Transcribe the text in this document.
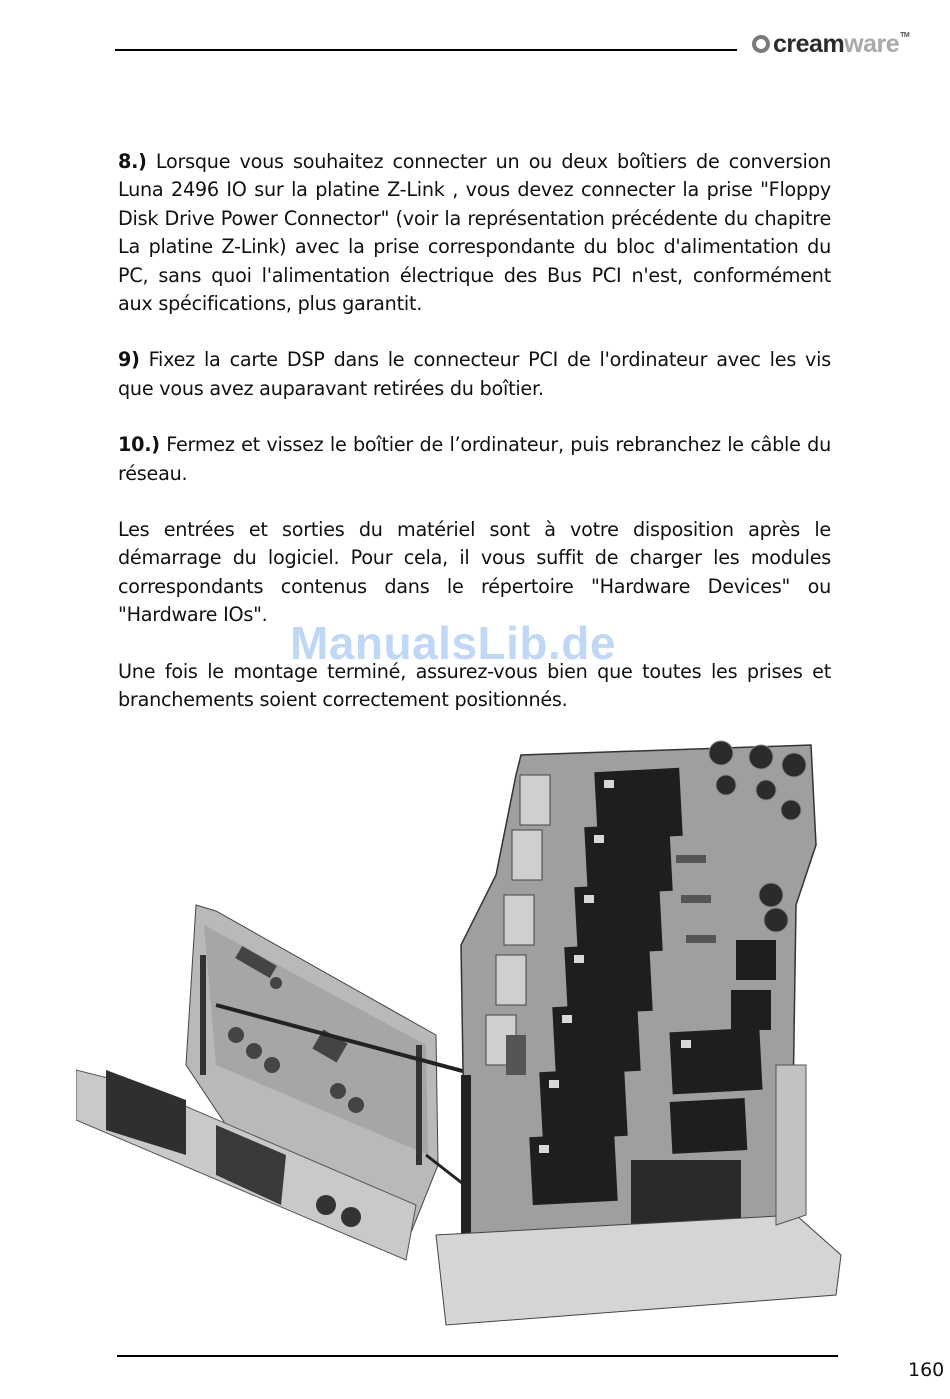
cream ware TM

8.) Lorsque vous souhaitez connecter un ou deux boîtiers de conversion Luna 2496 IO sur la platine Z-Link , vous devez connecter la prise "Floppy Disk Drive Power Connector" (voir la représentation précédente du chapitre La platine Z-Link) avec la prise correspondante du bloc d'alimentation du PC, sans quoi l'alimentation électrique des Bus PCI n'est, conformément aux spécifications, plus garantit.

9) Fixez la carte DSP dans le connecteur PCI de l'ordinateur avec les vis que vous avez auparavant retirées du boîtier.

10.) Fermez et vissez le boîtier de l’ordinateur, puis rebranchez le câble du réseau.

Les entrées et sorties du matériel sont à votre disposition après le démarrage du logiciel. Pour cela, il vous suffit de charger les modules correspondants contenus dans le répertoire "Hardware Devices" ou "Hardware IOs".

Une fois le montage terminé, assurez-vous bien que toutes les prises et branchements soient correctement positionnés.

ManualsLib.de
160
